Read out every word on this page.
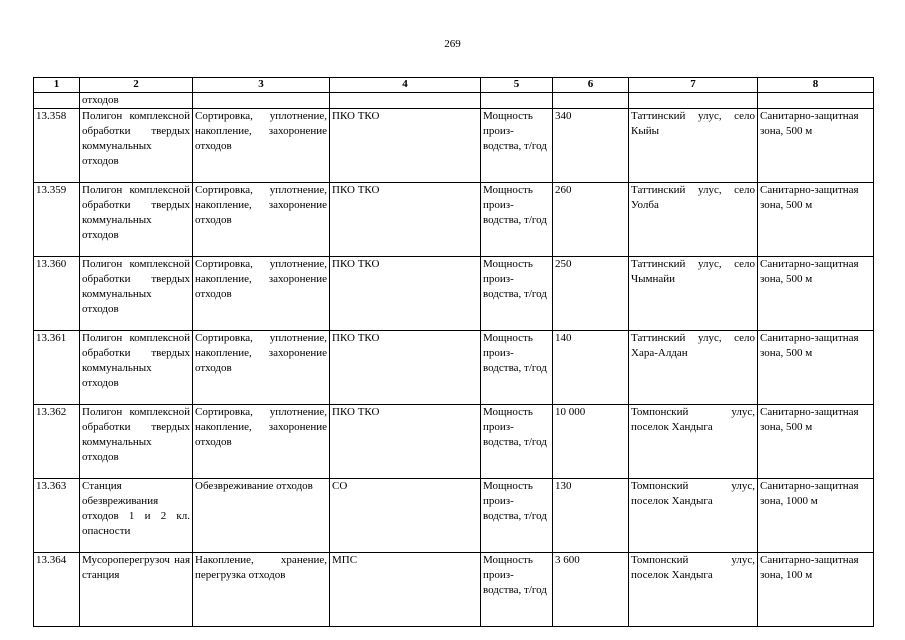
269
1	2	3	4	5	6	7	8
	отходов						
13.358	Полигон комплексной обработки твердых коммунальных отходов	Сортировка, уплотнение, накопление, захоронение отходов	ПКО ТКО	Мощность произ-водства, т/год	340	Таттинский улус, село Кыйы	Санитарно-защитная зона, 500 м
13.359	Полигон комплексной обработки твердых коммунальных отходов	Сортировка, уплотнение, накопление, захоронение отходов	ПКО ТКО	Мощность произ-водства, т/год	260	Таттинский улус, село Уолба	Санитарно-защитная зона, 500 м
13.360	Полигон комплексной обработки твердых коммунальных отходов	Сортировка, уплотнение, накопление, захоронение отходов	ПКО ТКО	Мощность произ-водства, т/год	250	Таттинский улус, село Чымнайи	Санитарно-защитная зона, 500 м
13.361	Полигон комплексной обработки твердых коммунальных отходов	Сортировка, уплотнение, накопление, захоронение отходов	ПКО ТКО	Мощность произ-водства, т/год	140	Таттинский улус, село Хара-Алдан	Санитарно-защитная зона, 500 м
13.362	Полигон комплексной обработки твердых коммунальных отходов	Сортировка, уплотнение, накопление, захоронение отходов	ПКО ТКО	Мощность произ-водства, т/год	10 000	Томпонский улус, поселок Хандыга	Санитарно-защитная зона, 500 м
13.363	Станция обезвреживания отходов 1 и 2 кл. опасности	Обезвреживание отходов	СО	Мощность произ-водства, т/год	130	Томпонский улус, поселок Хандыга	Санитарно-защитная зона, 1000 м
13.364	Мусороперегрузоч ная станция	Накопление, хранение, перегрузка отходов	МПС	Мощность произ-водства, т/год	3 600	Томпонский улус, поселок Хандыга	Санитарно-защитная зона, 100 м
